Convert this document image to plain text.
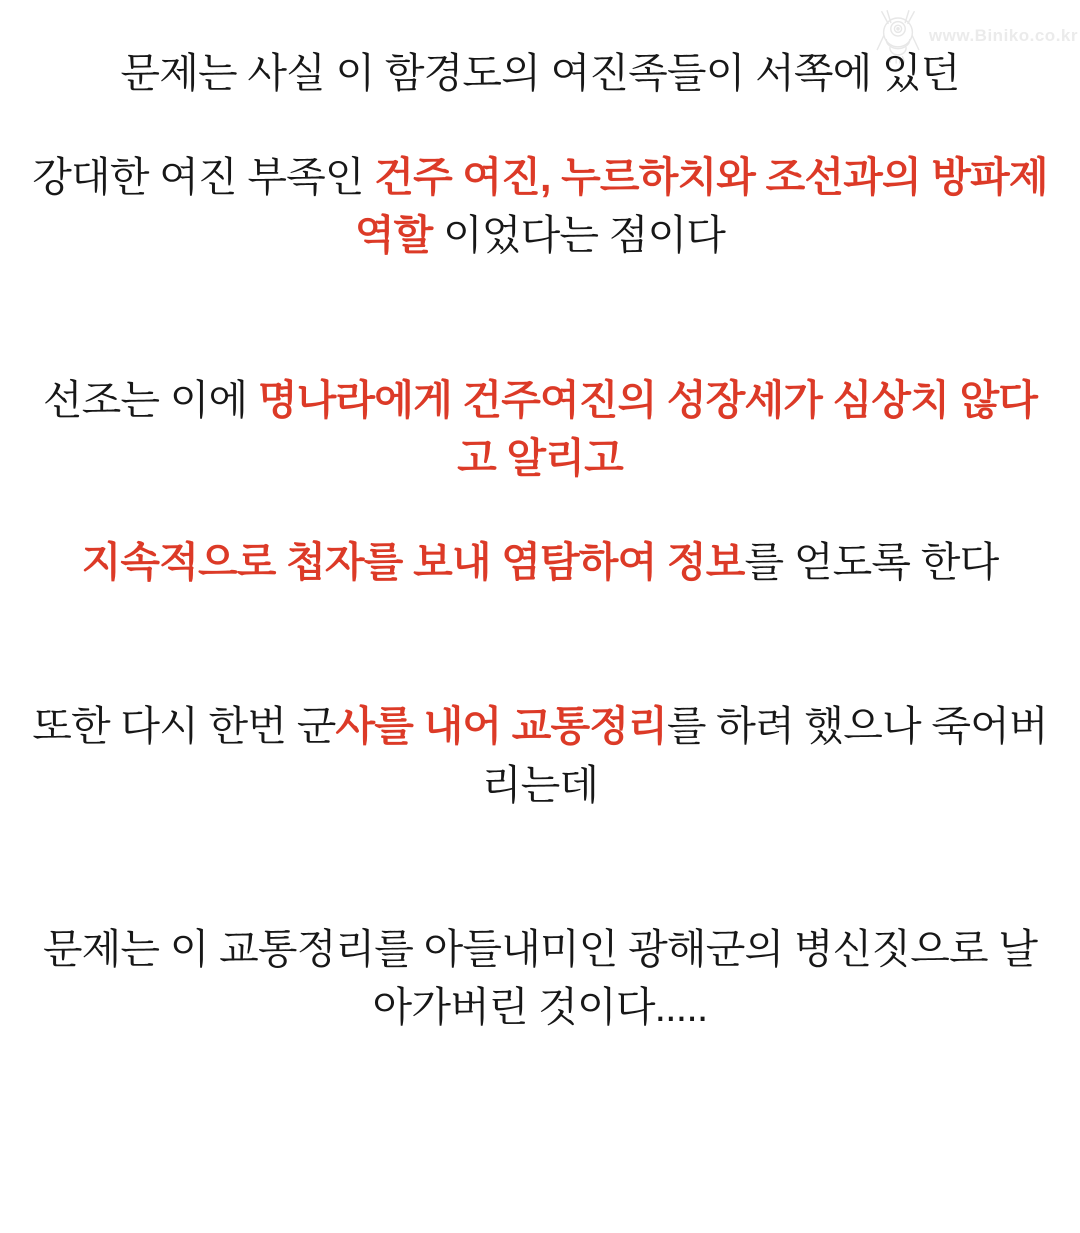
www.Biniko.co.kr

문제는 사실 이 함경도의 여진족들이 서쪽에 있던

강대한 여진 부족인 건주 여진, 누르하치와 조선과의 방파제 역할 이었다는 점이다

선조는 이에 명나라에게 건주여진의 성장세가 심상치 않다고 알리고

지속적으로 첩자를 보내 염탐하여 정보를 얻도록 한다

또한 다시 한번 군사를 내어 교통정리를 하려 했으나 죽어버리는데

문제는 이 교통정리를 아들내미인 광해군의 병신짓으로 날아가버린 것이다.....
